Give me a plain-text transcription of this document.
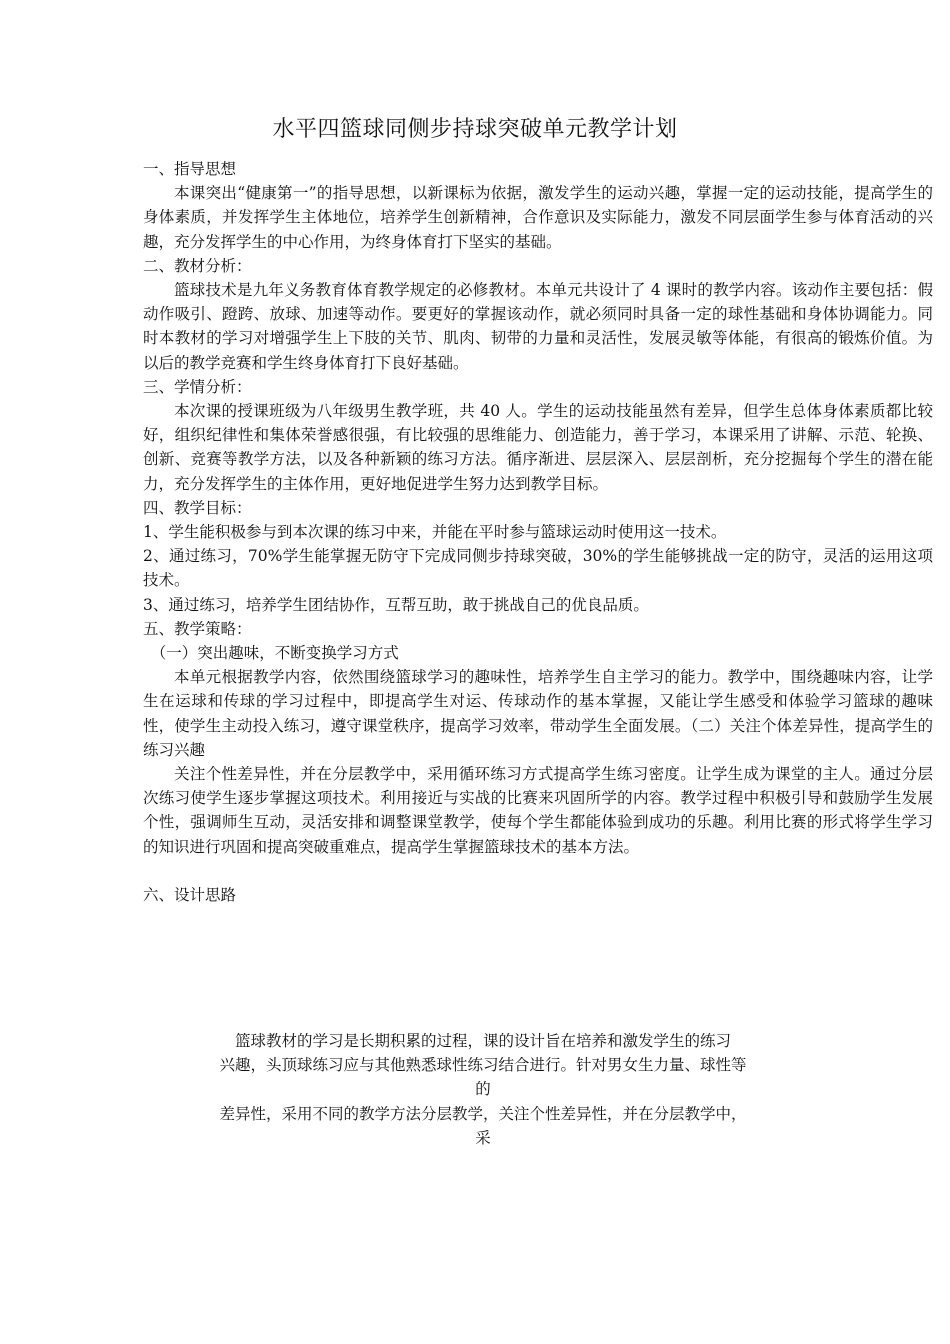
水平四篮球同侧步持球突破单元教学计划

一、指导思想

本课突出“健康第一”的指导思想，以新课标为依据，激发学生的运动兴趣，掌握一定的运动技能，提高学生的身体素质，并发挥学生主体地位，培养学生创新精神，合作意识及实际能力，激发不同层面学生参与体育活动的兴趣，充分发挥学生的中心作用，为终身体育打下坚实的基础。

二、教材分析：

篮球技术是九年义务教育体育教学规定的必修教材。本单元共设计了 4 课时的教学内容。该动作主要包括：假动作吸引、蹬跨、放球、加速等动作。要更好的掌握该动作，就必须同时具备一定的球性基础和身体协调能力。同时本教材的学习对增强学生上下肢的关节、肌肉、韧带的力量和灵活性，发展灵敏等体能，有很高的锻炼价值。为以后的教学竞赛和学生终身体育打下良好基础。

三、学情分析：

本次课的授课班级为八年级男生教学班，共 40 人。学生的运动技能虽然有差异，但学生总体身体素质都比较好，组织纪律性和集体荣誉感很强，有比较强的思维能力、创造能力，善于学习，本课采用了讲解、示范、轮换、创新、竞赛等教学方法，以及各种新颖的练习方法。循序渐进、层层深入、层层剖析，充分挖掘每个学生的潜在能力，充分发挥学生的主体作用，更好地促进学生努力达到教学目标。

四、教学目标：

1、学生能积极参与到本次课的练习中来，并能在平时参与篮球运动时使用这一技术。

2、通过练习，70%学生能掌握无防守下完成同侧步持球突破，30%的学生能够挑战一定的防守，灵活的运用这项技术。

3、通过练习，培养学生团结协作，互帮互助，敢于挑战自己的优良品质。

五、教学策略：

（一）突出趣味，不断变换学习方式

本单元根据教学内容，依然围绕篮球学习的趣味性，培养学生自主学习的能力。教学中，围绕趣味内容，让学生在运球和传球的学习过程中，即提高学生对运、传球动作的基本掌握，又能让学生感受和体验学习篮球的趣味性，使学生主动投入练习，遵守课堂秩序，提高学习效率，带动学生全面发展。（二）关注个体差异性，提高学生的练习兴趣

关注个性差异性，并在分层教学中，采用循环练习方式提高学生练习密度。让学生成为课堂的主人。通过分层次练习使学生逐步掌握这项技术。利用接近与实战的比赛来巩固所学的内容。教学过程中积极引导和鼓励学生发展个性，强调师生互动，灵活安排和调整课堂教学，使每个学生都能体验到成功的乐趣。利用比赛的形式将学生学习的知识进行巩固和提高突破重难点，提高学生掌握篮球技术的基本方法。

六、设计思路

篮球教材的学习是长期积累的过程，课的设计旨在培养和激发学生的练习

兴趣，头顶球练习应与其他熟悉球性练习结合进行。针对男女生力量、球性等

的

差异性，采用不同的教学方法分层教学，关注个性差异性，并在分层教学中，

采
